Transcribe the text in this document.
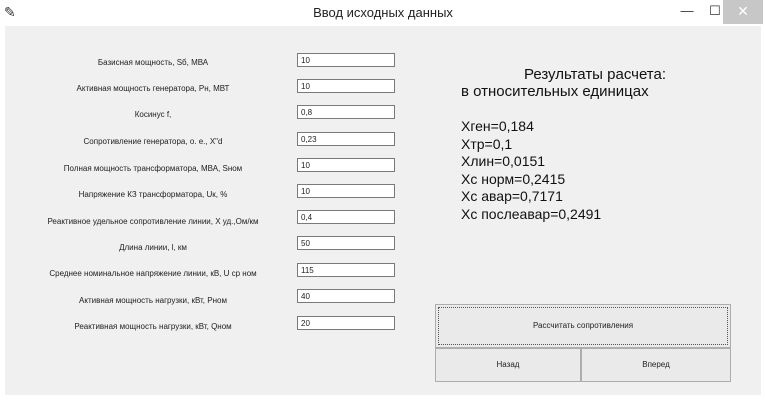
✎	Ввод исходных данных	—	☐	✕
Базисная мощность, Sб, МВА	10
Активная мощность генератора, Рн, МВТ	10
Косинус f,	0,8
Сопротивление генератора, о. е., X"d	0,23
Полная мощность трансформатора, МВА, Sном	10
Напряжение КЗ трансформатора, Uк, %	10
Реактивное удельное сопротивление линии, X уд.,Ом/км	0,4
Длина линии, l, км	50
Среднее номинальное напряжение линии, кВ, U ср ном	115
Активная мощность нагрузки, кВт, Рном	40
Реактивная мощность нагрузки, кВт, Qном	20
Результаты расчета:
в относительных единицах
Хген=0,184
Хтр=0,1
Хлин=0,0151
Хс норм=0,2415
Хс авар=0,7171
Хс послеавар=0,2491
Рассчитать сопротивления
Назад	Вперед
